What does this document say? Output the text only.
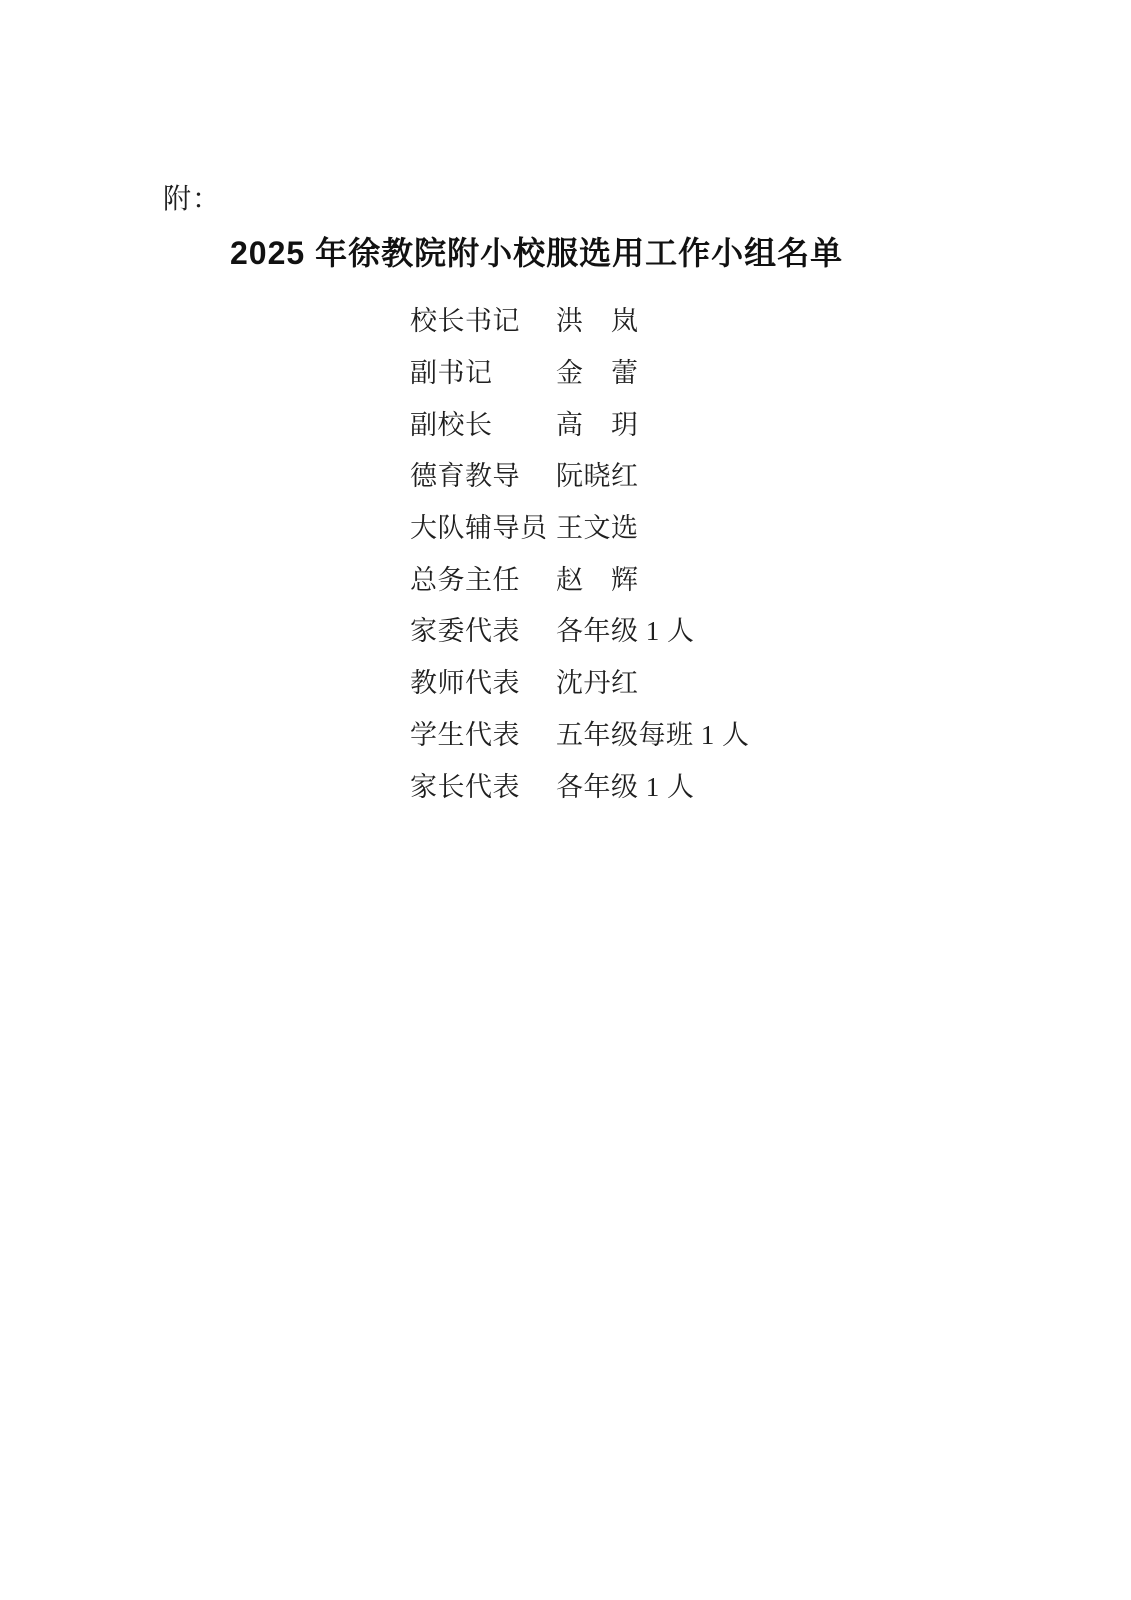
附：
2025 年徐教院附小校服选用工作小组名单
校长书记	洪　岚
副书记	金　蕾
副校长	高　玥
德育教导	阮晓红
大队辅导员 王文选
总务主任	赵　辉
家委代表	各年级 1 人
教师代表	沈丹红
学生代表	五年级每班 1 人
家长代表	各年级 1 人
